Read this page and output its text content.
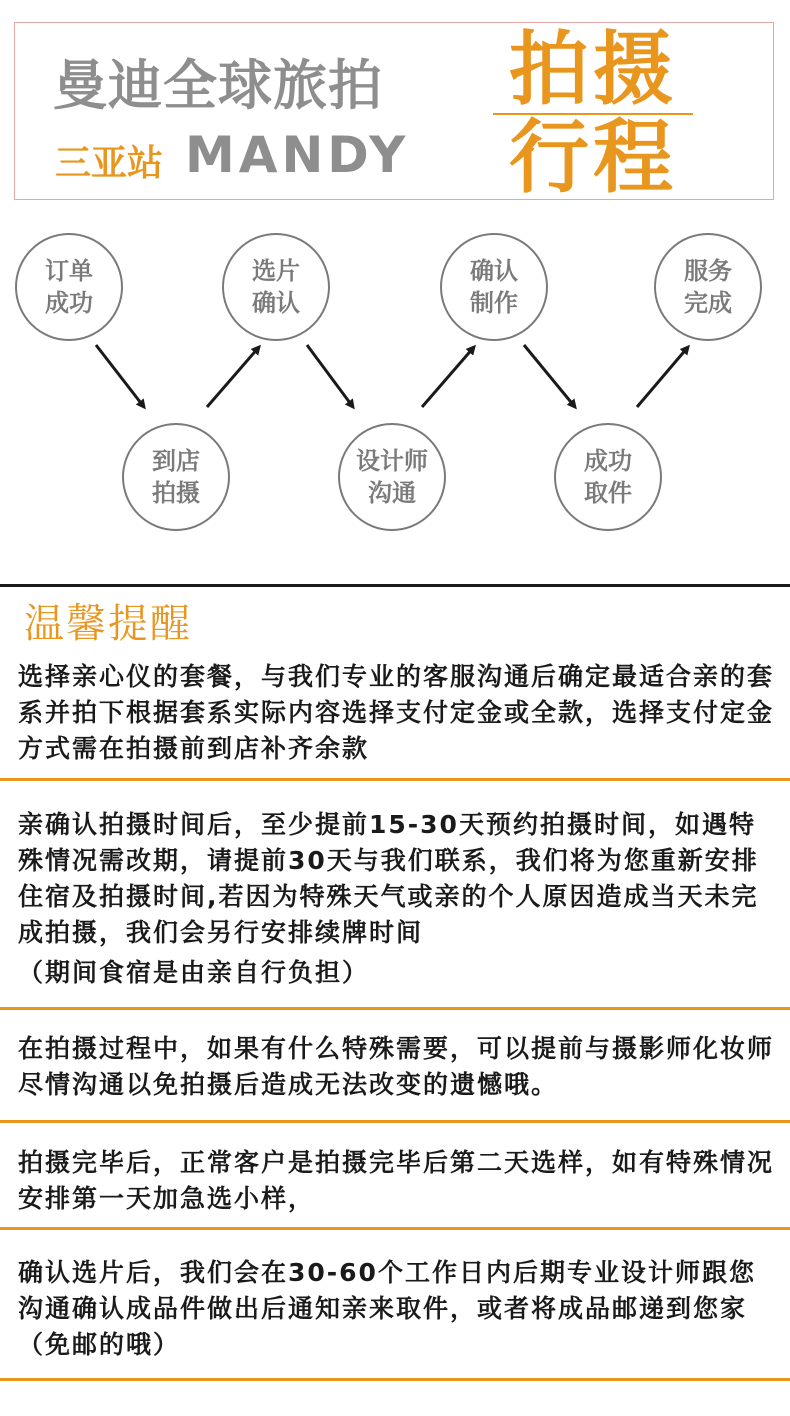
曼迪全球旅拍
三亚站 MANDY
拍摄
行程
订单
成功
选片
确认
确认
制作
服务
完成
到店
拍摄
设计师
沟通
成功
取件
温馨提醒
选择亲心仪的套餐，与我们专业的客服沟通后确定最适合亲的套系并拍下根据套系实际内容选择支付定金或全款，选择支付定金方式需在拍摄前到店补齐余款
亲确认拍摄时间后，至少提前15-30天预约拍摄时间，如遇特殊情况需改期，请提前30天与我们联系，我们将为您重新安排住宿及拍摄时间,若因为特殊天气或亲的个人原因造成当天未完成拍摄，我们会另行安排续牌时间
（期间食宿是由亲自行负担）
在拍摄过程中，如果有什么特殊需要，可以提前与摄影师化妆师尽情沟通以免拍摄后造成无法改变的遗憾哦。
拍摄完毕后，正常客户是拍摄完毕后第二天选样，如有特殊情况安排第一天加急选小样，
确认选片后，我们会在30-60个工作日内后期专业设计师跟您沟通确认成品件做出后通知亲来取件，或者将成品邮递到您家（免邮的哦）
